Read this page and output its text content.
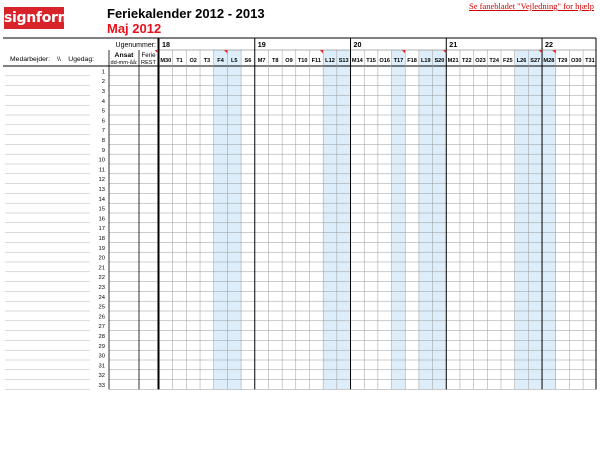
signform	Feriekalender 2012 - 2013
Maj 2012
Se fanebladet "Vejledning" for hjælp
Ugenummer:
Medarbejder: \\ Ugedag:
Ansat
dd-mm-åå:
Ferie
REST
18	19	20	21	22
M30 T1 O2 T3 F4 L5 S6 M7 T8 O9 T10 F11 L12 S13 M14 T15 O16 T17 F18 L19 S20 M21 T22 O23 T24 F25 L26 S27 M28 T29 O30 T31
1
2
3
4
5
6
7
8
9
10
11
12
13
14
15
16
17
18
19
20
21
22
23
24
25
26
27
28
29
30
31
32
33
